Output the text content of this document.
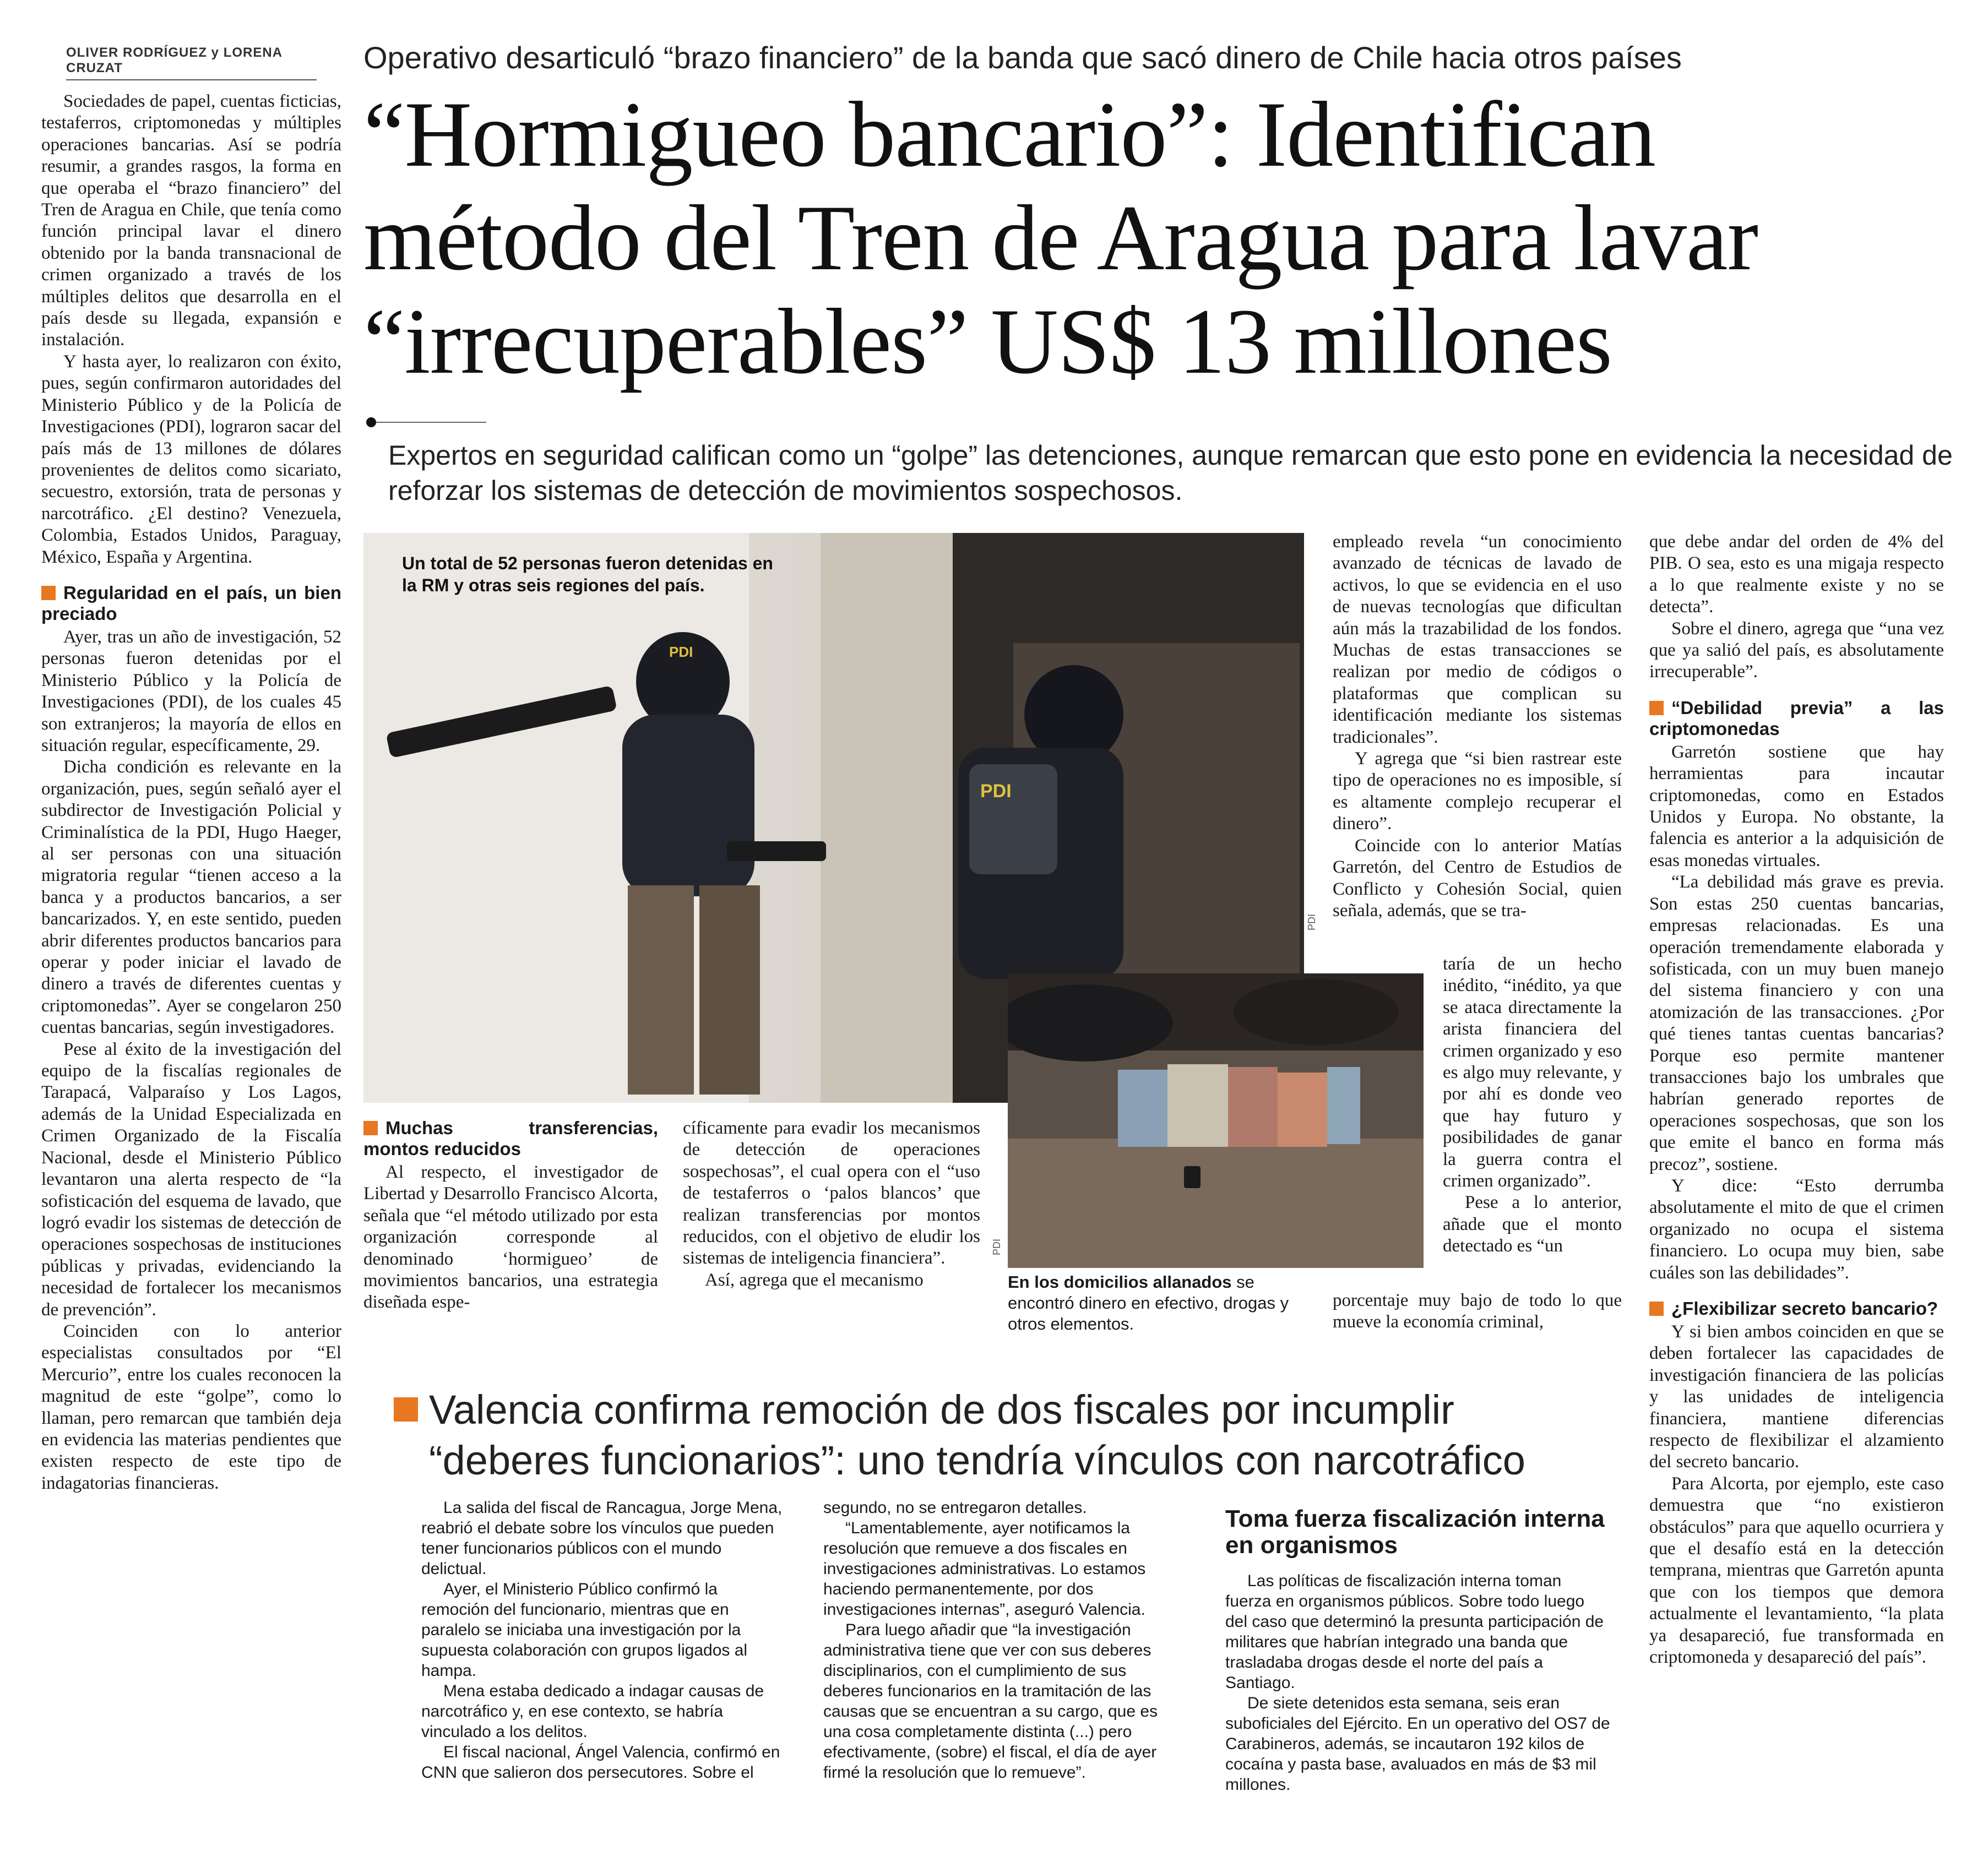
OLIVER RODRÍGUEZ y LORENA CRUZAT	Operativo desarticuló “brazo financiero” de la banda que sacó dinero de Chile hacia otros países
“Hormigueo bancario”: Identifican
método del Tren de Aragua para lavar
“irrecuperables” US$ 13 millones
Expertos en seguridad califican como un “golpe” las detenciones, aunque remarcan que esto pone en evidencia la necesidad de reforzar los sistemas de detección de movimientos sospechosos.

Sociedades de papel, cuentas ficticias, testaferros, criptomonedas y múltiples operaciones bancarias. Así se podría resumir, a grandes rasgos, la forma en que operaba el “brazo financiero” del Tren de Aragua en Chile, que tenía como función principal lavar el dinero obtenido por la banda transnacional de crimen organizado a través de los múltiples delitos que desarrolla en el país desde su llegada, expansión e instalación.

Y hasta ayer, lo realizaron con éxito, pues, según confirmaron autoridades del Ministerio Público y de la Policía de Investigaciones (PDI), lograron sacar del país más de 13 millones de dólares provenientes de delitos como sicariato, secuestro, extorsión, trata de personas y narcotráfico. ¿El destino? Venezuela, Colombia, Estados Unidos, Paraguay, México, España y Argentina.

Regularidad en el país, un bien preciado

Ayer, tras un año de investigación, 52 personas fueron detenidas por el Ministerio Público y la Policía de Investigaciones (PDI), de los cuales 45 son extranjeros; la mayoría de ellos en situación regular, específicamente, 29.

Dicha condición es relevante en la organización, pues, según señaló ayer el subdirector de Investigación Policial y Criminalística de la PDI, Hugo Haeger, al ser personas con una situación migratoria regular “tienen acceso a la banca y a productos bancarios, a ser bancarizados. Y, en este sentido, pueden abrir diferentes productos bancarios para operar y poder iniciar el lavado de dinero a través de diferentes cuentas y criptomonedas”. Ayer se congelaron 250 cuentas bancarias, según investigadores.

Pese al éxito de la investigación del equipo de la fiscalías regionales de Tarapacá, Valparaíso y Los Lagos, además de la Unidad Especializada en Crimen Organizado de la Fiscalía Nacional, desde el Ministerio Público levantaron una alerta respecto de “la sofisticación del esquema de lavado, que logró evadir los sistemas de detección de operaciones sospechosas de instituciones públicas y privadas, evidenciando la necesidad de fortalecer los mecanismos de prevención”.

Coinciden con lo anterior especialistas consultados por “El Mercurio”, entre los cuales reconocen la magnitud de este “golpe”, como lo llaman, pero remarcan que también deja en evidencia las materias pendientes que existen respecto de este tipo de indagatorias financieras.

PDI
PDI
Un total de 52 personas fueron detenidas en la RM y otras seis regiones del país.
PDI
Muchas transferencias, montos reducidos

Al respecto, el investigador de Libertad y Desarrollo Francisco Alcorta, señala que “el método utilizado por esta organización corresponde al denominado ‘hormigueo’ de movimientos bancarios, una estrategia diseñada espe-

cíficamente para evadir los mecanismos de detección de operaciones sospechosas”, el cual opera con el “uso de testaferros o ‘palos blancos’ que realizan transferencias por montos reducidos, con el objetivo de eludir los sistemas de inteligencia financiera”.

Así, agrega que el mecanismo

PDI
En los domicilios allanados se encontró dinero en efectivo, drogas y otros elementos.

empleado revela “un conocimiento avanzado de técnicas de lavado de activos, lo que se evidencia en el uso de nuevas tecnologías que dificultan aún más la trazabilidad de los fondos. Muchas de estas transacciones se realizan por medio de códigos o plataformas que complican su identificación mediante los sistemas tradicionales”.

Y agrega que “si bien rastrear este tipo de operaciones no es imposible, sí es altamente complejo recuperar el dinero”.

Coincide con lo anterior Matías Garretón, del Centro de Estudios de Conflicto y Cohesión Social, quien señala, además, que se tra-

taría de un hecho inédito, “inédito, ya que se ataca directamente la arista financiera del crimen organizado y eso es algo muy relevante, y por ahí es donde veo que hay futuro y posibilidades de ganar la guerra contra el crimen organizado”.

Pese a lo anterior, añade que el monto detectado es “un

porcentaje muy bajo de todo lo que mueve la economía criminal,

que debe andar del orden de 4% del PIB. O sea, esto es una migaja respecto a lo que realmente existe y no se detecta”.

Sobre el dinero, agrega que “una vez que ya salió del país, es absolutamente irrecuperable”.

“Debilidad previa” a las criptomonedas

Garretón sostiene que hay herramientas para incautar criptomonedas, como en Estados Unidos y Europa. No obstante, la falencia es anterior a la adquisición de esas monedas virtuales.

“La debilidad más grave es previa. Son estas 250 cuentas bancarias, empresas relacionadas. Es una operación tremendamente elaborada y sofisticada, con un muy buen manejo del sistema financiero y con una atomización de las transacciones. ¿Por qué tienes tantas cuentas bancarias? Porque eso permite mantener transacciones bajo los umbrales que habrían generado reportes de operaciones sospechosas, que son los que emite el banco en forma más precoz”, sostiene.

Y dice: “Esto derrumba absolutamente el mito de que el crimen organizado no ocupa el sistema financiero. Lo ocupa muy bien, sabe cuáles son las debilidades”.

¿Flexibilizar secreto bancario?

Y si bien ambos coinciden en que se deben fortalecer las capacidades de investigación financiera de las policías y las unidades de inteligencia financiera, mantiene diferencias respecto de flexibilizar el alzamiento del secreto bancario.

Para Alcorta, por ejemplo, este caso demuestra que “no existieron obstáculos” para que aquello ocurriera y que el desafío está en la detección temprana, mientras que Garretón apunta que con los tiempos que demora actualmente el levantamiento, “la plata ya desapareció, fue transformada en criptomoneda y desapareció del país”.

Valencia confirma remoción de dos fiscales por incumplir
“deberes funcionarios”: uno tendría vínculos con narcotráfico

La salida del fiscal de Rancagua, Jorge Mena, reabrió el debate sobre los vínculos que pueden tener funcionarios públicos con el mundo delictual.

Ayer, el Ministerio Público confirmó la remoción del funcionario, mientras que en paralelo se iniciaba una investigación por la supuesta colaboración con grupos ligados al hampa.

Mena estaba dedicado a indagar causas de narcotráfico y, en ese contexto, se habría vinculado a los delitos.

El fiscal nacional, Ángel Valencia, confirmó en CNN que salieron dos persecutores. Sobre el

segundo, no se entregaron detalles.

“Lamentablemente, ayer notificamos la resolución que remueve a dos fiscales en investigaciones administrativas. Lo estamos haciendo permanentemente, por dos investigaciones internas”, aseguró Valencia.

Para luego añadir que “la investigación administrativa tiene que ver con sus deberes disciplinarios, con el cumplimiento de sus deberes funcionarios en la tramitación de las causas que se encuentran a su cargo, que es una cosa completamente distinta (...) pero efectivamente, (sobre) el fiscal, el día de ayer firmé la resolución que lo remueve”.

Toma fuerza fiscalización interna en organismos

Las políticas de fiscalización interna toman fuerza en organismos públicos. Sobre todo luego del caso que determinó la presunta participación de militares que habrían integrado una banda que trasladaba drogas desde el norte del país a Santiago.

De siete detenidos esta semana, seis eran suboficiales del Ejército. En un operativo del OS7 de Carabineros, además, se incautaron 192 kilos de cocaína y pasta base, avaluados en más de $3 mil millones.
